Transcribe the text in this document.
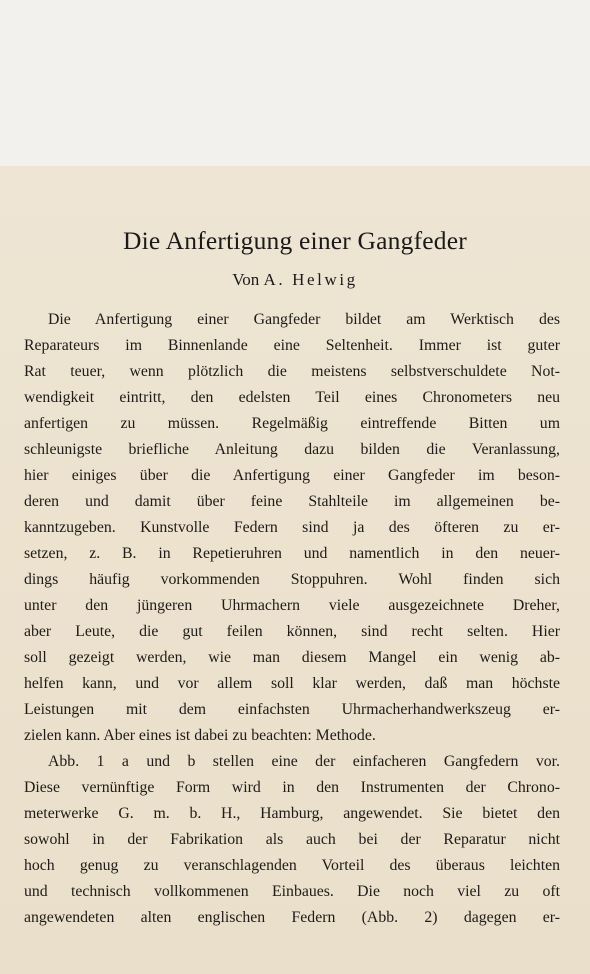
Die Anfertigung einer Gangfeder
Von A. Helwig
Die Anfertigung einer Gangfeder bildet am Werktisch des
Reparateurs im Binnenlande eine Seltenheit. Immer ist guter
Rat teuer, wenn plötzlich die meistens selbstverschuldete Not-
wendigkeit eintritt, den edelsten Teil eines Chronometers neu
anfertigen zu müssen. Regelmäßig eintreffende Bitten um
schleunigste briefliche Anleitung dazu bilden die Veranlassung,
hier einiges über die Anfertigung einer Gangfeder im beson-
deren und damit über feine Stahlteile im allgemeinen be-
kanntzugeben. Kunstvolle Federn sind ja des öfteren zu er-
setzen, z. B. in Repetieruhren und namentlich in den neuer-
dings häufig vorkommenden Stoppuhren. Wohl finden sich
unter den jüngeren Uhrmachern viele ausgezeichnete Dreher,
aber Leute, die gut feilen können, sind recht selten. Hier
soll gezeigt werden, wie man diesem Mangel ein wenig ab-
helfen kann, und vor allem soll klar werden, daß man höchste
Leistungen mit dem einfachsten Uhrmacherhandwerkszeug er-
zielen kann. Aber eines ist dabei zu beachten: Methode.
Abb. 1 a und b stellen eine der einfacheren Gangfedern vor.
Diese vernünftige Form wird in den Instrumenten der Chrono-
meterwerke G. m. b. H., Hamburg, angewendet. Sie bietet den
sowohl in der Fabrikation als auch bei der Reparatur nicht
hoch genug zu veranschlagenden Vorteil des überaus leichten
und technisch vollkommenen Einbaues. Die noch viel zu oft
angewendeten alten englischen Federn (Abb. 2) dagegen er-
